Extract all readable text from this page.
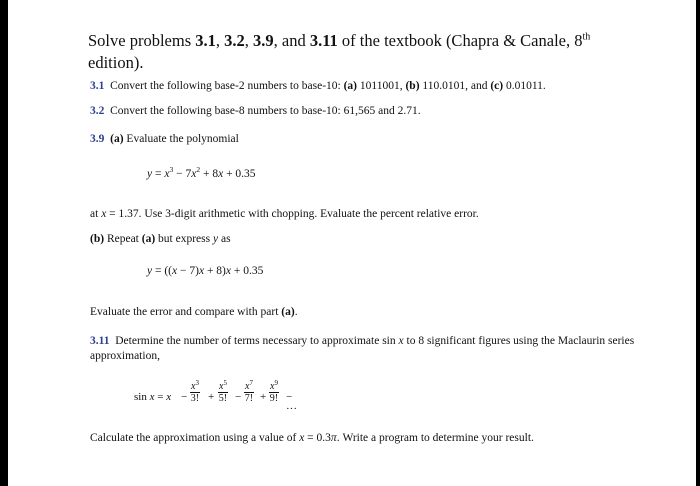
Solve problems 3.1, 3.2, 3.9, and 3.11 of the textbook (Chapra & Canale, 8th
edition).
3.1 Convert the following base-2 numbers to base-10: (a) 1011001, (b) 110.0101, and (c) 0.01011.
3.2 Convert the following base-8 numbers to base-10: 61,565 and 2.71.
3.9 (a) Evaluate the polynomial
$y = x^3 - 7x^2 + 8x + 0.35$
at x = 1.37. Use 3-digit arithmetic with chopping. Evaluate the percent relative error.
(b) Repeat (a) but express y as
y = ((x − 7)x + 8)x + 0.35
Evaluate the error and compare with part (a).
3.11 Determine the number of terms necessary to approximate sin x to 8 significant figures using the Maclaurin series
approximation,
$\sin x = x - \frac{x^3}{3!} + \frac{x^5}{5!} - \frac{x^7}{7!} + \frac{x^9}{9!}$ − ···
Calculate the approximation using a value of x = 0.3π. Write a program to determine your result.
